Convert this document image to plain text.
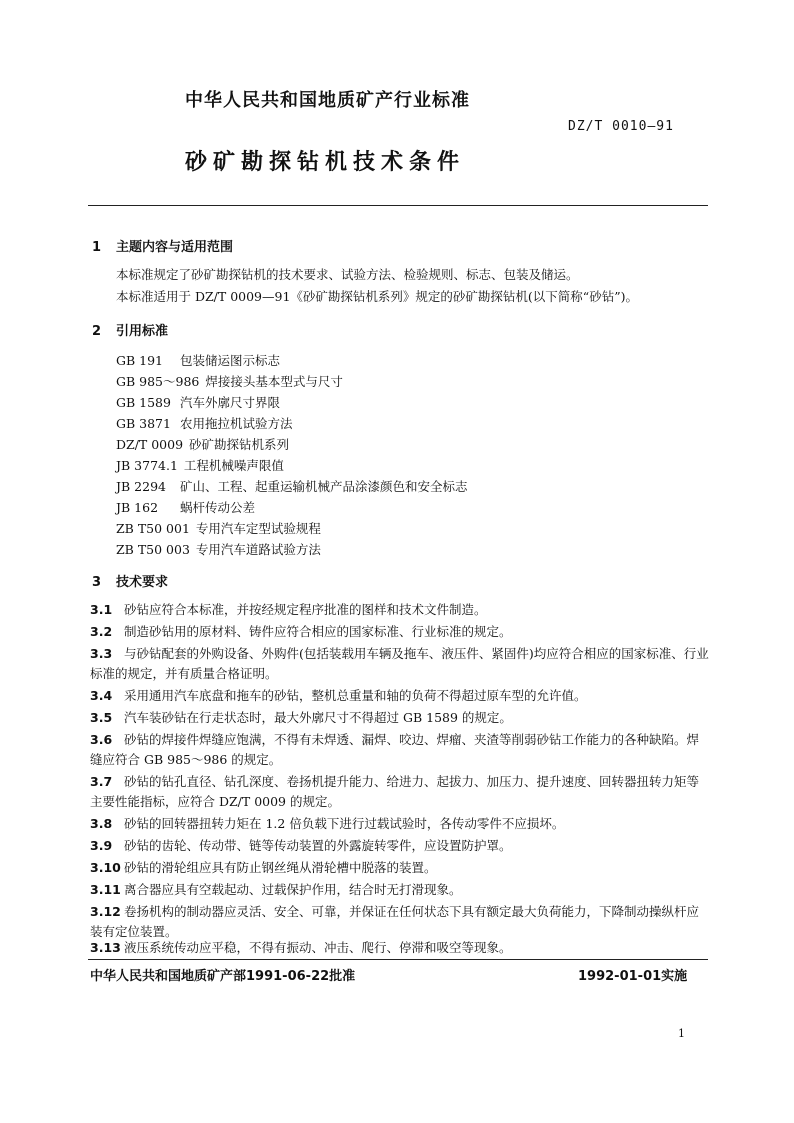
中华人民共和国地质矿产行业标准
DZ/T 0010—91
砂矿勘探钻机技术条件
1 主题内容与适用范围
本标准规定了砂矿勘探钻机的技术要求、试验方法、检验规则、标志、包装及储运。
本标准适用于 DZ/T 0009—91《砂矿勘探钻机系列》规定的砂矿勘探钻机(以下简称“砂钻”)。
2 引用标准
GB 191 包装储运图示标志
GB 985～986 焊接接头基本型式与尺寸
GB 1589 汽车外廓尺寸界限
GB 3871 农用拖拉机试验方法
DZ/T 0009 砂矿勘探钻机系列
JB 3774.1 工程机械噪声限值
JB 2294 矿山、工程、起重运输机械产品涂漆颜色和安全标志
JB 162 蜗杆传动公差
ZB T50 001 专用汽车定型试验规程
ZB T50 003 专用汽车道路试验方法
3 技术要求
3.1 砂钻应符合本标准，并按经规定程序批准的图样和技术文件制造。
3.2 制造砂钻用的原材料、铸件应符合相应的国家标准、行业标准的规定。
3.3 与砂钻配套的外购设备、外购件(包括装载用车辆及拖车、液压件、紧固件)均应符合相应的国家标准、行业标准的规定，并有质量合格证明。
3.4 采用通用汽车底盘和拖车的砂钻，整机总重量和轴的负荷不得超过原车型的允许值。
3.5 汽车装砂钻在行走状态时，最大外廓尺寸不得超过 GB 1589 的规定。
3.6 砂钻的焊接件焊缝应饱满，不得有未焊透、漏焊、咬边、焊瘤、夹渣等削弱砂钻工作能力的各种缺陷。焊缝应符合 GB 985～986 的规定。
3.7 砂钻的钻孔直径、钻孔深度、卷扬机提升能力、给进力、起拔力、加压力、提升速度、回转器扭转力矩等主要性能指标，应符合 DZ/T 0009 的规定。
3.8 砂钻的回转器扭转力矩在 1.2 倍负载下进行过载试验时，各传动零件不应损坏。
3.9 砂钻的齿轮、传动带、链等传动装置的外露旋转零件，应设置防护罩。
3.10 砂钻的滑轮组应具有防止钢丝绳从滑轮槽中脱落的装置。
3.11 离合器应具有空载起动、过载保护作用，结合时无打滑现象。
3.12 卷扬机构的制动器应灵活、安全、可靠，并保证在任何状态下具有额定最大负荷能力，下降制动操纵杆应装有定位装置。
3.13 液压系统传动应平稳，不得有振动、冲击、爬行、停滞和吸空等现象。
中华人民共和国地质矿产部1991-06-22批准	1992-01-01实施
1
